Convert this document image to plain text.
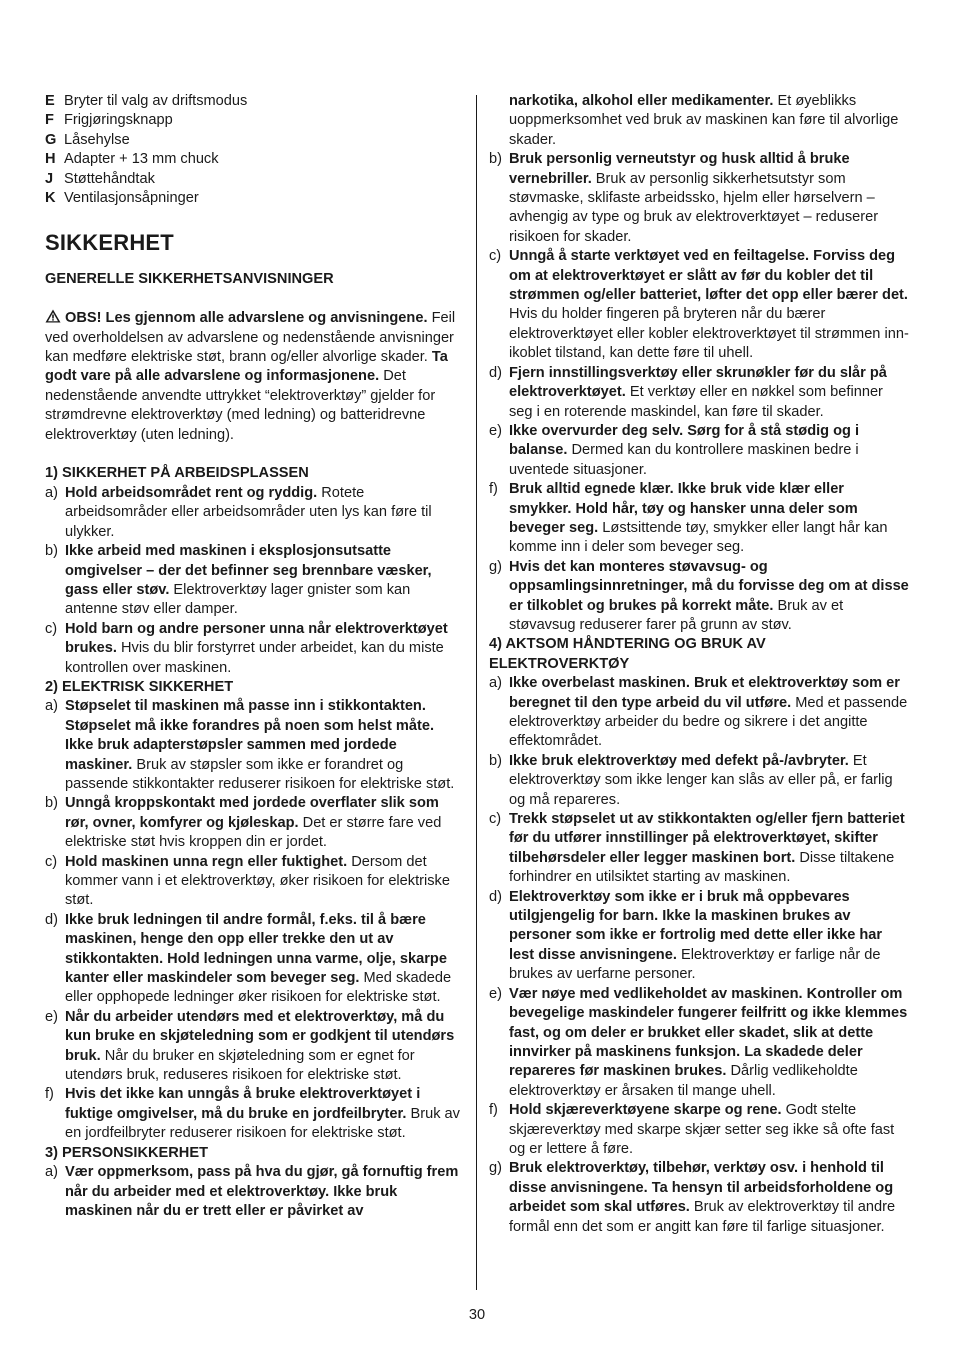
E Bryter til valg av driftsmodus
F Frigjøringsknapp
G Låsehylse
H Adapter + 13 mm chuck
J Støttehåndtak
K Ventilasjonsåpninger
SIKKERHET

GENERELLE SIKKERHETSANVISNINGER

OBS! Les gjennom alle advarslene og anvisningene. Feil ved overholdelsen av advarslene og nedenstående anvisninger kan medføre elektriske støt, brann og/eller alvorlige skader. Ta godt vare på alle advarslene og informasjonene. Det nedenstående anvendte uttrykket “elektroverktøy” gjelder for strømdrevne elektroverktøy (med ledning) og batteridrevne elektroverktøy (uten ledning).

1) SIKKERHET PÅ ARBEIDSPLASSEN

a) Hold arbeidsområdet rent og ryddig. Rotete arbeidsområder eller arbeidsområder uten lys kan føre til ulykker.
b) Ikke arbeid med maskinen i eksplosjonsutsatte omgivelser – der det befinner seg brennbare væsker, gass eller støv. Elektroverktøy lager gnister som kan antenne støv eller damper.
c) Hold barn og andre personer unna når elektroverktøyet brukes. Hvis du blir forstyrret under arbeidet, kan du miste kontrollen over maskinen.

2) ELEKTRISK SIKKERHET

a) Støpselet til maskinen må passe inn i stikkontakten. Støpselet må ikke forandres på noen som helst måte. Ikke bruk adapterstøpsler sammen med jordede maskiner. Bruk av støpsler som ikke er forandret og passende stikkontakter reduserer risikoen for elektriske støt.
b) Unngå kroppskontakt med jordede overflater slik som rør, ovner, komfyrer og kjøleskap. Det er større fare ved elektriske støt hvis kroppen din er jordet.
c) Hold maskinen unna regn eller fuktighet. Dersom det kommer vann i et elektroverktøy, øker risikoen for elektriske støt.
d) Ikke bruk ledningen til andre formål, f.eks. til å bære maskinen, henge den opp eller trekke den ut av stikkontakten. Hold ledningen unna varme, olje, skarpe kanter eller maskindeler som beveger seg. Med skadede eller opphopede ledninger øker risikoen for elektriske støt.
e) Når du arbeider utendørs med et elektroverktøy, må du kun bruke en skjøteledning som er godkjent til utendørs bruk. Når du bruker en skjøteledning som er egnet for utendørs bruk, reduseres risikoen for elektriske støt.
f) Hvis det ikke kan unngås å bruke elektroverktøyet i fuktige omgivelser, må du bruke en jordfeilbryter. Bruk av en jordfeilbryter reduserer risikoen for elektriske støt.

3) PERSONSIKKERHET

a) Vær oppmerksom, pass på hva du gjør, gå fornuftig frem når du arbeider med et elektroverktøy. Ikke bruk maskinen når du er trett eller er påvirket av
narkotika, alkohol eller medikamenter. Et øyeblikks uoppmerksomhet ved bruk av maskinen kan føre til alvorlige skader.
b) Bruk personlig verneutstyr og husk alltid å bruke vernebriller. Bruk av personlig sikkerhetsutstyr som støvmaske, sklifaste arbeidssko, hjelm eller hørselvern – avhengig av type og bruk av elektroverktøyet – reduserer risikoen for skader.
c) Unngå å starte verktøyet ved en feiltagelse. Forviss deg om at elektroverktøyet er slått av før du kobler det til strømmen og/eller batteriet, løfter det opp eller bærer det. Hvis du holder fingeren på bryteren når du bærer elektroverktøyet eller kobler elektroverktøyet til strømmen innikoblet tilstand, kan dette føre til uhell.
d) Fjern innstillingsverktøy eller skrunøkler før du slår på elektroverktøyet. Et verktøy eller en nøkkel som befinner seg i en roterende maskindel, kan føre til skader.
e) Ikke overvurder deg selv. Sørg for å stå stødig og i balanse. Dermed kan du kontrollere maskinen bedre i uventede situasjoner.
f) Bruk alltid egnede klær. Ikke bruk vide klær eller smykker. Hold hår, tøy og hansker unna deler som beveger seg. Løstsittende tøy, smykker eller langt hår kan komme inn i deler som beveger seg.
g) Hvis det kan monteres støvavsug- og oppsamlingsinnretninger, må du forvisse deg om at disse er tilkoblet og brukes på korrekt måte. Bruk av et støvavsug reduserer farer på grunn av støv.

4) AKTSOM HÅNDTERING OG BRUK AV ELEKTROVERKTØY

a) Ikke overbelast maskinen. Bruk et elektroverktøy som er beregnet til den type arbeid du vil utføre. Med et passende elektroverktøy arbeider du bedre og sikrere i det angitte effektområdet.
b) Ikke bruk elektroverktøy med defekt på-/avbryter. Et elektroverktøy som ikke lenger kan slås av eller på, er farlig og må repareres.
c) Trekk støpselet ut av stikkontakten og/eller fjern batteriet før du utfører innstillinger på elektroverktøyet, skifter tilbehørsdeler eller legger maskinen bort. Disse tiltakene forhindrer en utilsiktet starting av maskinen.
d) Elektroverktøy som ikke er i bruk må oppbevares utilgjengelig for barn. Ikke la maskinen brukes av personer som ikke er fortrolig med dette eller ikke har lest disse anvisningene. Elektroverktøy er farlige når de brukes av uerfarne personer.
e) Vær nøye med vedlikeholdet av maskinen. Kontroller om bevegelige maskindeler fungerer feilfritt og ikke klemmes fast, og om deler er brukket eller skadet, slik at dette innvirker på maskinens funksjon. La skadede deler repareres før maskinen brukes. Dårlig vedlikeholdte elektroverktøy er årsaken til mange uhell.
f) Hold skjæreverktøyene skarpe og rene. Godt stelte skjæreverktøy med skarpe skjær setter seg ikke så ofte fast og er lettere å føre.
g) Bruk elektroverktøy, tilbehør, verktøy osv. i henhold til disse anvisningene. Ta hensyn til arbeidsforholdene og arbeidet som skal utføres. Bruk av elektroverktøy til andre formål enn det som er angitt kan føre til farlige situasjoner.
30
